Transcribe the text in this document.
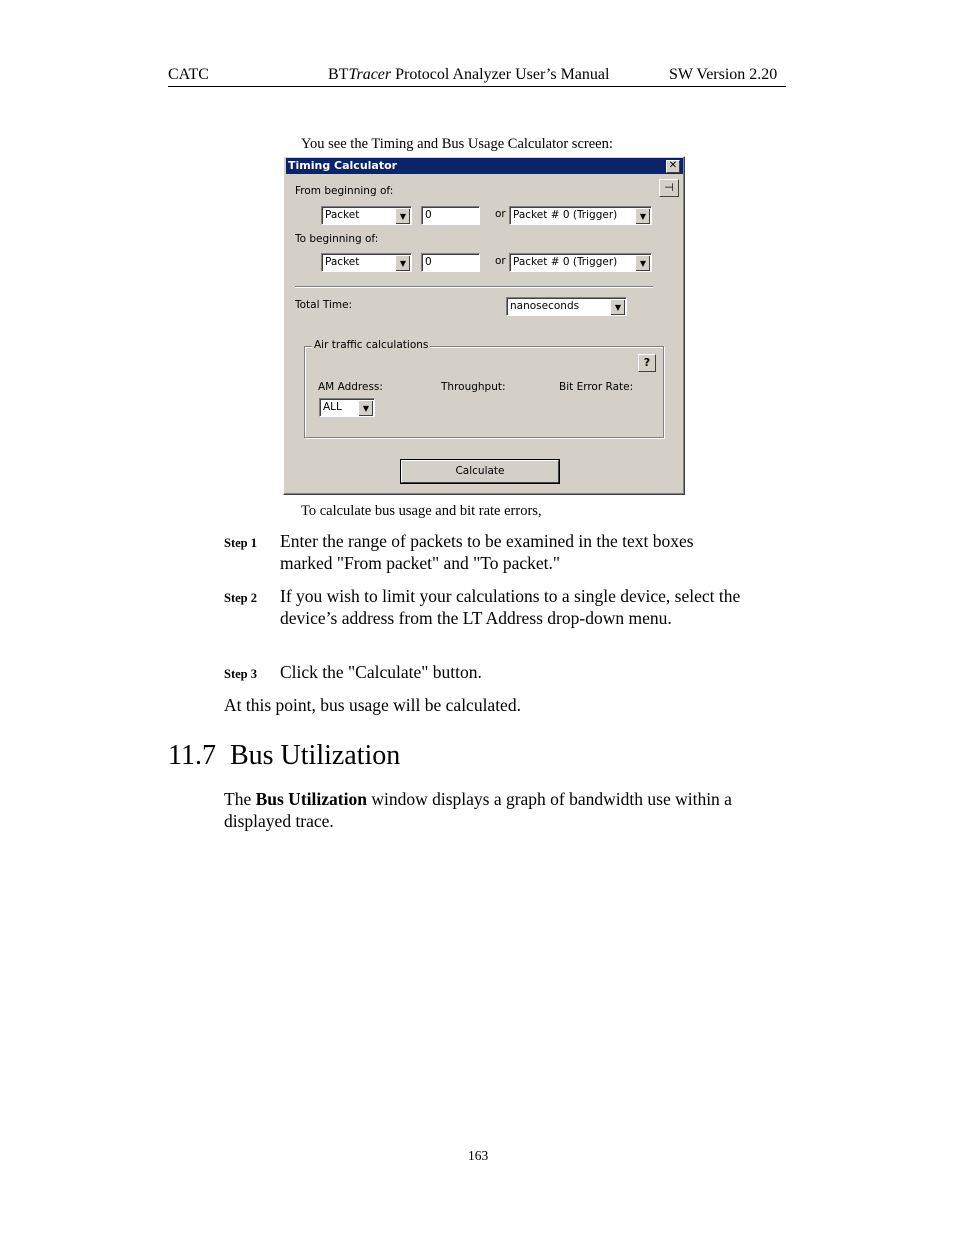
CATC	BTTracer Protocol Analyzer User’s Manual	SW Version 2.20
You see the Timing and Bus Usage Calculator screen:
Timing Calculator	✕
⊣
From beginning of:
Packet	▼	0	or Packet # 0 (Trigger)	▼
To beginning of:
Packet	▼	0	or Packet # 0 (Trigger)	▼
Total Time:	nanoseconds	▼
Air traffic calculations
?
AM Address:
ALL	▼
Throughput:	Bit Error Rate:
Calculate
To calculate bus usage and bit rate errors,
Step 1 Enter the range of packets to be examined in the text boxes marked "From packet" and "To packet."
Step 2 If you wish to limit your calculations to a single device, select the device’s address from the LT Address drop-down menu.
Step 3 Click the "Calculate" button.
At this point, bus usage will be calculated.
11.7 Bus Utilization
The Bus Utilization window displays a graph of bandwidth use within a displayed trace.
163
